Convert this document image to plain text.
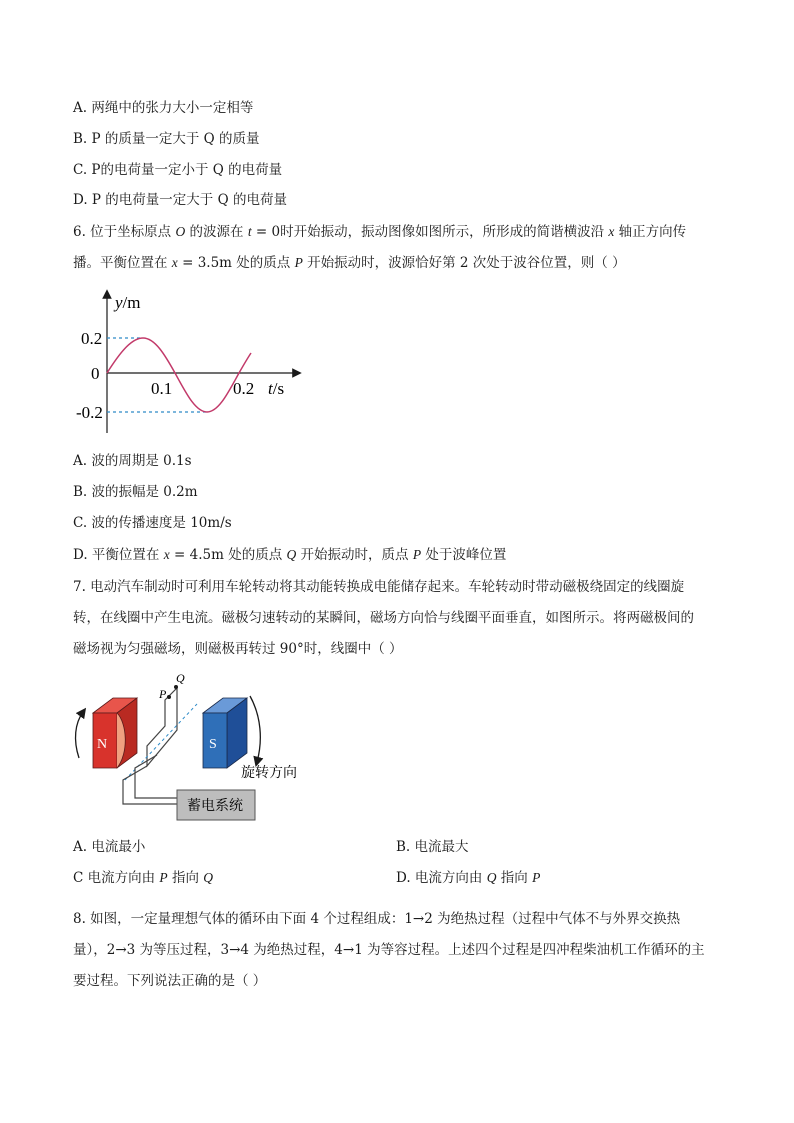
A. 两绳中的张力大小一定相等
B. P 的质量一定大于 Q 的质量
C. P的电荷量一定小于 Q 的电荷量
D. P 的电荷量一定大于 Q 的电荷量
6. 位于坐标原点 O 的波源在 t = 0时开始振动，振动图像如图所示，所形成的简谐横波沿 x 轴正方向传
播。平衡位置在 x = 3.5m 处的质点 P 开始振动时，波源恰好第 2 次处于波谷位置，则（ ）
y/m
0.2
0
-0.2
0.1	0.2 t/s
A. 波的周期是 0.1s
B. 波的振幅是 0.2m
C. 波的传播速度是 10m/s
D. 平衡位置在 x = 4.5m 处的质点 Q 开始振动时，质点 P 处于波峰位置
7. 电动汽车制动时可利用车轮转动将其动能转换成电能储存起来。车轮转动时带动磁极绕固定的线圈旋
转，在线圈中产生电流。磁极匀速转动的某瞬间，磁场方向恰与线圈平面垂直，如图所示。将两磁极间的
磁场视为匀强磁场，则磁极再转过 90°时，线圈中（ ）
N	S
P
Q
蓄电系统
旋转方向
A. 电流最小	B. 电流最大
C 电流方向由 P 指向 Q	D. 电流方向由 Q 指向 P
8. 如图，一定量理想气体的循环由下面 4 个过程组成：1→2 为绝热过程（过程中气体不与外界交换热
量），2→3 为等压过程，3→4 为绝热过程，4→1 为等容过程。上述四个过程是四冲程柴油机工作循环的主
要过程。下列说法正确的是（ ）
